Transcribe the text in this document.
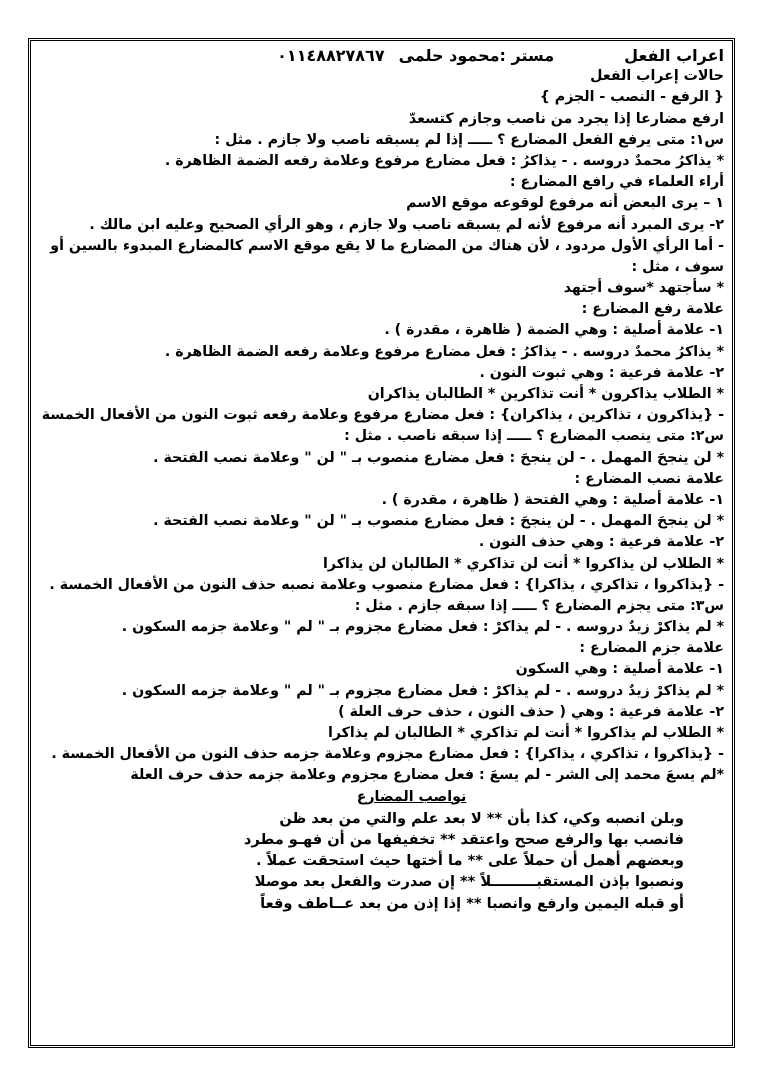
اعراب الفعلمستر :محمود حلمى٠١١٤٨٨٢٧٨٦٧
حالات إعراب الفعل
{ الرفع - النصب - الجزم }
ارفع مضارعا إذا يجرد من ناصب وجازم كتسعدّ
س١: متى يرفع الفعل المضارع ؟ ـــــ إذا لم يسبقه ناصب ولا جازم . مثل :
* يذاكرُ محمدٌ دروسه . - يذاكرُ : فعل مضارع مرفوع وعلامة رفعه الضمة الظاهرة .
أراء العلماء في رافع المضارع :
١ – يرى البعض أنه مرفوع لوقوعه موقع الاسم
٢- يرى المبرد أنه مرفوع لأنه لم يسبقه ناصب ولا جازم ، وهو الرأي الصحيح وعليه ابن مالك .
- أما الرأي الأول مردود ، لأن هناك من المضارع ما لا يقع موقع الاسم كالمضارع المبدوء بالسين أو سوف ، مثل :
* سأجتهد *سوف أجتهد
علامة رفع المضارع :
١- علامة أصلية : وهي الضمة ( ظاهرة ، مقدرة ) .
* يذاكرُ محمدٌ دروسه . - يذاكرُ : فعل مضارع مرفوع وعلامة رفعه الضمة الظاهرة .
٢- علامة فرعية : وهي ثبوت النون .
* الطلاب يذاكرون * أنت تذاكرين * الطالبان يذاكران
- {يذاكرون ، تذاكرين ، يذاكران} : فعل مضارع مرفوع وعلامة رفعه ثبوت النون من الأفعال الخمسة
س٢: متى ينصب المضارع ؟ ـــــ إذا سبقه ناصب . مثل :
* لن ينجحَ المهمل . - لن ينجحَ : فعل مضارع منصوب بـ " لن " وعلامة نصب الفتحة .
علامة نصب المضارع :
١- علامة أصلية : وهي الفتحة ( ظاهرة ، مقدرة ) .
* لن ينجحَ المهمل . - لن ينجحَ : فعل مضارع منصوب بـ " لن " وعلامة نصب الفتحة .
٢- علامة فرعية : وهي حذف النون .
* الطلاب لن يذاكروا * أنت لن تذاكري * الطالبان لن يذاكرا
- {يذاكروا ، تذاكري ، يذاكرا} : فعل مضارع منصوب وعلامة نصبه حذف النون من الأفعال الخمسة .
س٣: متى يجزم المضارع ؟ ـــــ إذا سبقه جازم . مثل :
* لم يذاكرْ زيدٌ دروسه . - لم يذاكرْ : فعل مضارع مجزوم بـ " لم " وعلامة جزمه السكون .
علامة جزم المضارع :
١- علامة أصلية : وهي السكون
* لم يذاكرْ زيدٌ دروسه . - لم يذاكرْ : فعل مضارع مجزوم بـ " لم " وعلامة جزمه السكون .
٢- علامة فرعية : وهي ( حذف النون ، حذف حرف العلة )
* الطلاب لم يذاكروا * أنت لم تذاكري * الطالبان لم يذاكرا
- {يذاكروا ، تذاكري ، يذاكرا} : فعل مضارع مجزوم وعلامة جزمه حذف النون من الأفعال الخمسة .
*لم يسعَ محمد إلى الشر - لم يسعَ : فعل مضارع مجزوم وعلامة جزمه حذف حرف العلة
نواصب المضارع
وبلن انصبه وكي، كذا بأن ** لا بعد علم والتي من بعد ظن
فانصب بها والرفع صحح واعتقد ** تخفيفها من أن فهـو مطرد
وبعضهم أهمل أن حملاً على ** ما أختها حيث استحقت عملاً .
ونصبوا بإذن المستقبـــــــــلاً ** إن صدرت والفعل بعد موصلا
أو قبله اليمين وارفع وانصبا ** إذا إذن من بعد عــاطف وقعاً
